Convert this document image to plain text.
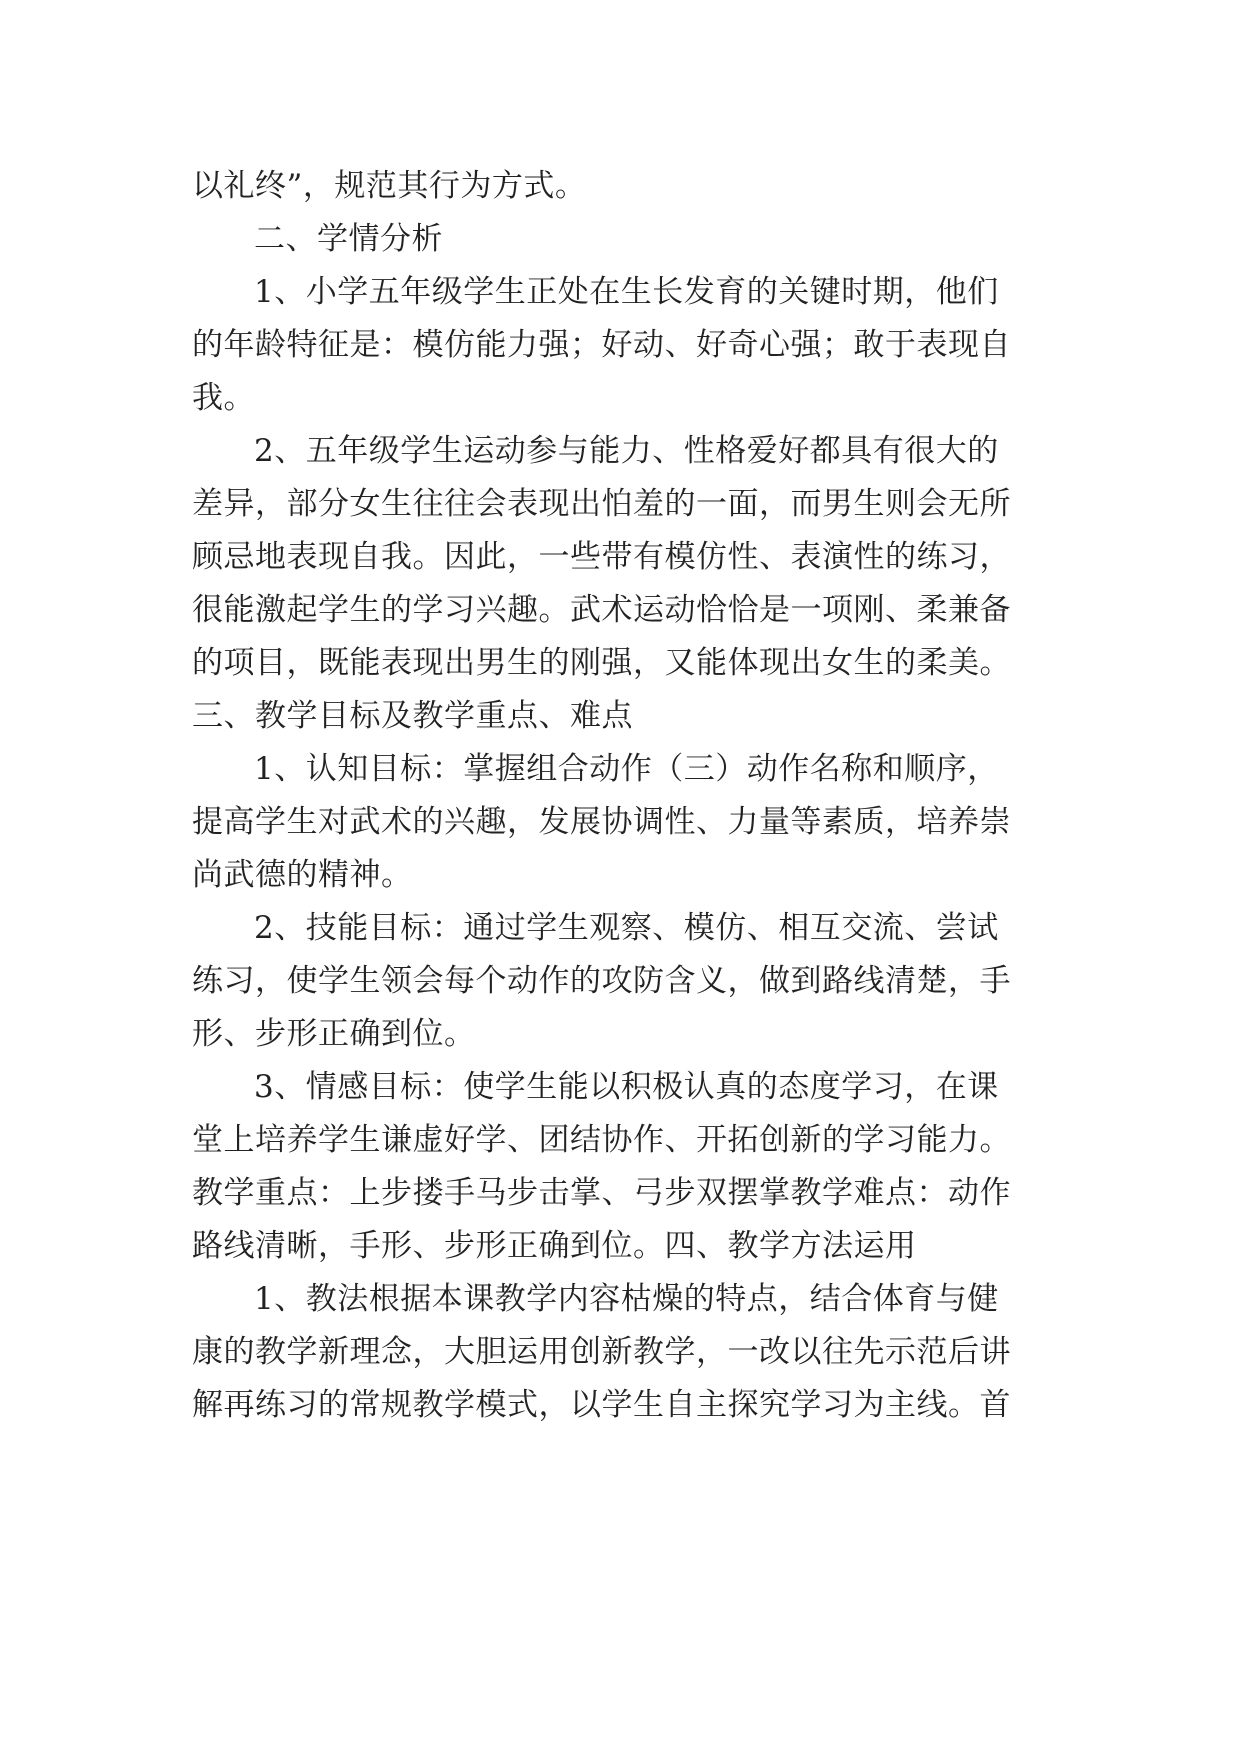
以礼终”，规范其行为方式。
二、学情分析
1、小学五年级学生正处在生长发育的关键时期，他们
的年龄特征是：模仿能力强；好动、好奇心强；敢于表现自
我。
2、五年级学生运动参与能力、性格爱好都具有很大的
差异，部分女生往往会表现出怕羞的一面，而男生则会无所
顾忌地表现自我。因此，一些带有模仿性、表演性的练习，
很能激起学生的学习兴趣。武术运动恰恰是一项刚、柔兼备
的项目，既能表现出男生的刚强，又能体现出女生的柔美。
三、教学目标及教学重点、难点
1、认知目标：掌握组合动作（三）动作名称和顺序，
提高学生对武术的兴趣，发展协调性、力量等素质，培养崇
尚武德的精神。
2、技能目标：通过学生观察、模仿、相互交流、尝试
练习，使学生领会每个动作的攻防含义，做到路线清楚，手
形、步形正确到位。
3、情感目标：使学生能以积极认真的态度学习，在课
堂上培养学生谦虚好学、团结协作、开拓创新的学习能力。
教学重点：上步搂手马步击掌、弓步双摆掌教学难点：动作
路线清晰，手形、步形正确到位。四、教学方法运用
1、教法根据本课教学内容枯燥的特点，结合体育与健
康的教学新理念，大胆运用创新教学，一改以往先示范后讲
解再练习的常规教学模式，以学生自主探究学习为主线。首
